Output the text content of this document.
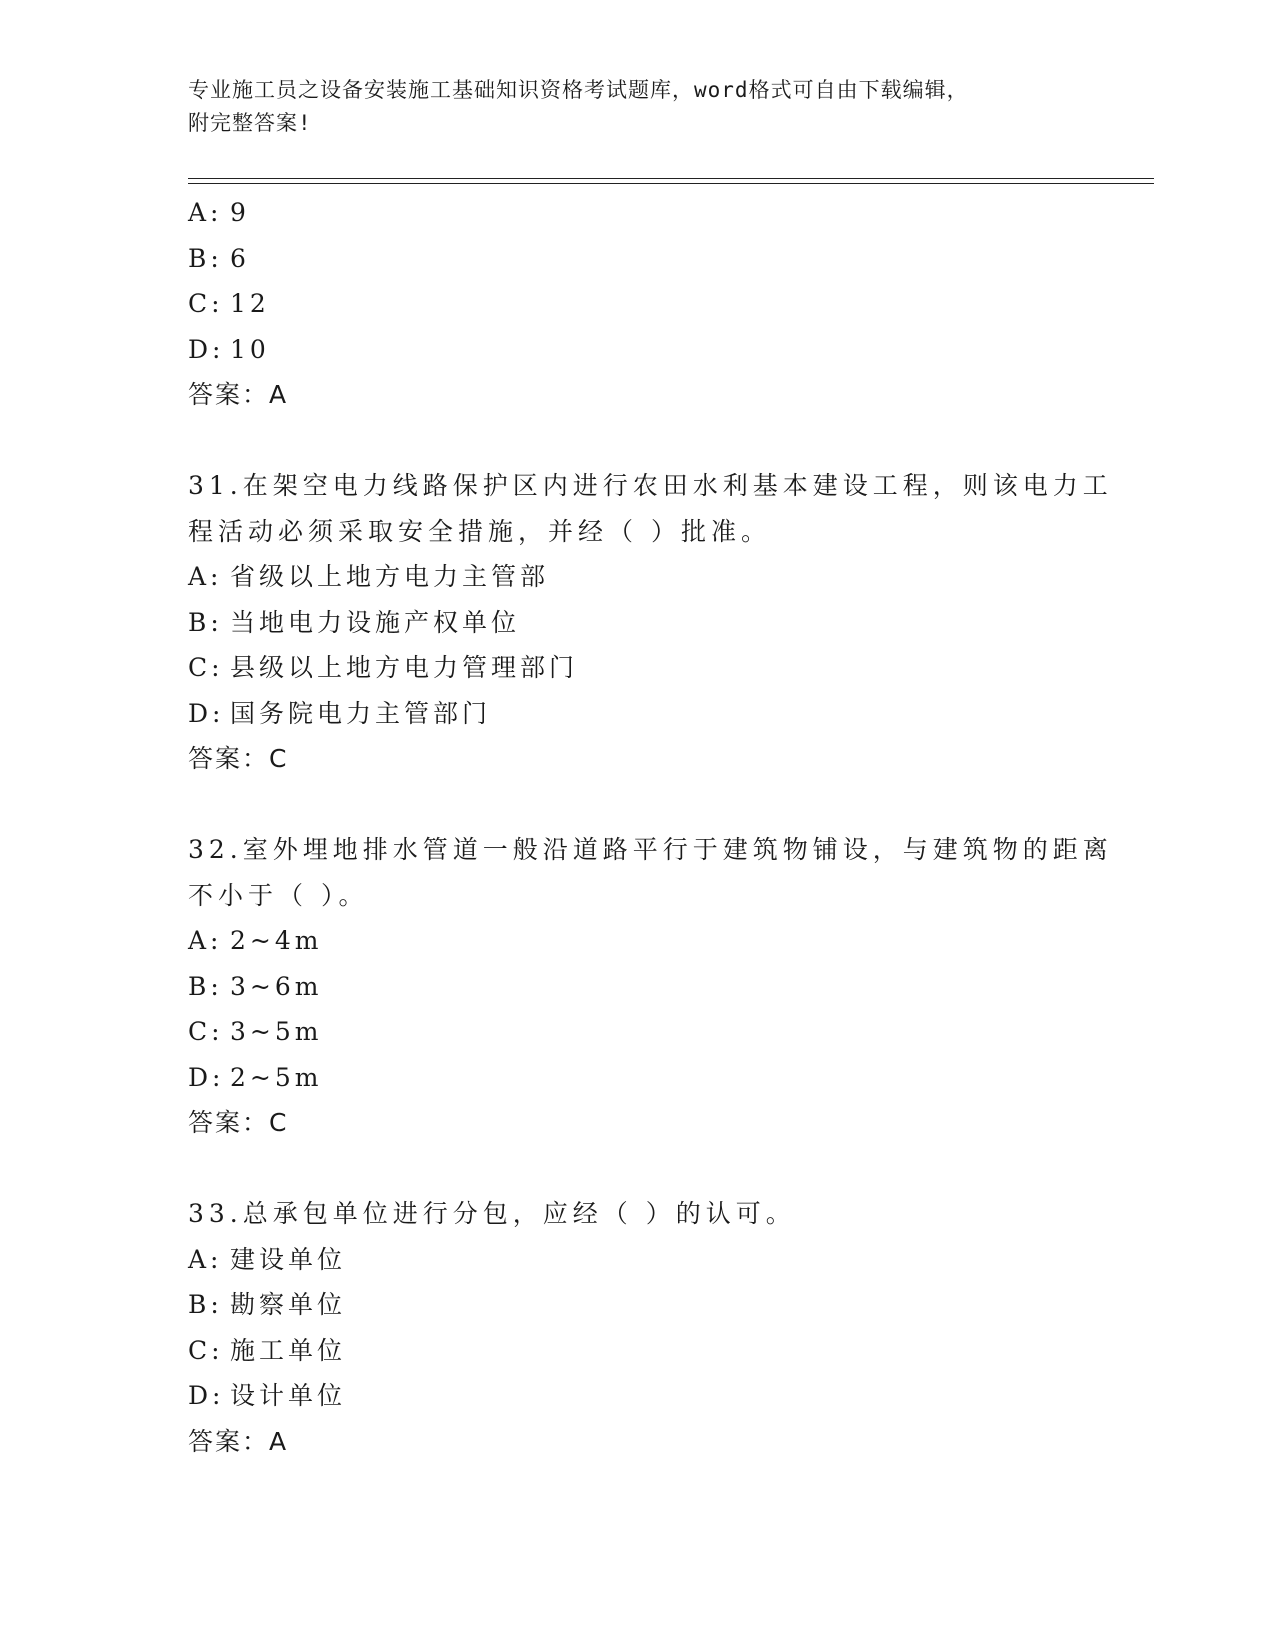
专业施工员之设备安装施工基础知识资格考试题库，word格式可自由下载编辑，
附完整答案!
A: 9
B: 6
C: 12
D: 10
答案：A
31.在架空电力线路保护区内进行农田水利基本建设工程，则该电力工
程活动必须采取安全措施，并经（ ）批准。
A: 省级以上地方电力主管部
B: 当地电力设施产权单位
C: 县级以上地方电力管理部门
D: 国务院电力主管部门
答案：C
32.室外埋地排水管道一般沿道路平行于建筑物铺设，与建筑物的距离
不小于（ ）。
A: 2~4m
B: 3~6m
C: 3~5m
D: 2~5m
答案：C
33.总承包单位进行分包，应经（ ）的认可。
A: 建设单位
B: 勘察单位
C: 施工单位
D: 设计单位
答案：A
